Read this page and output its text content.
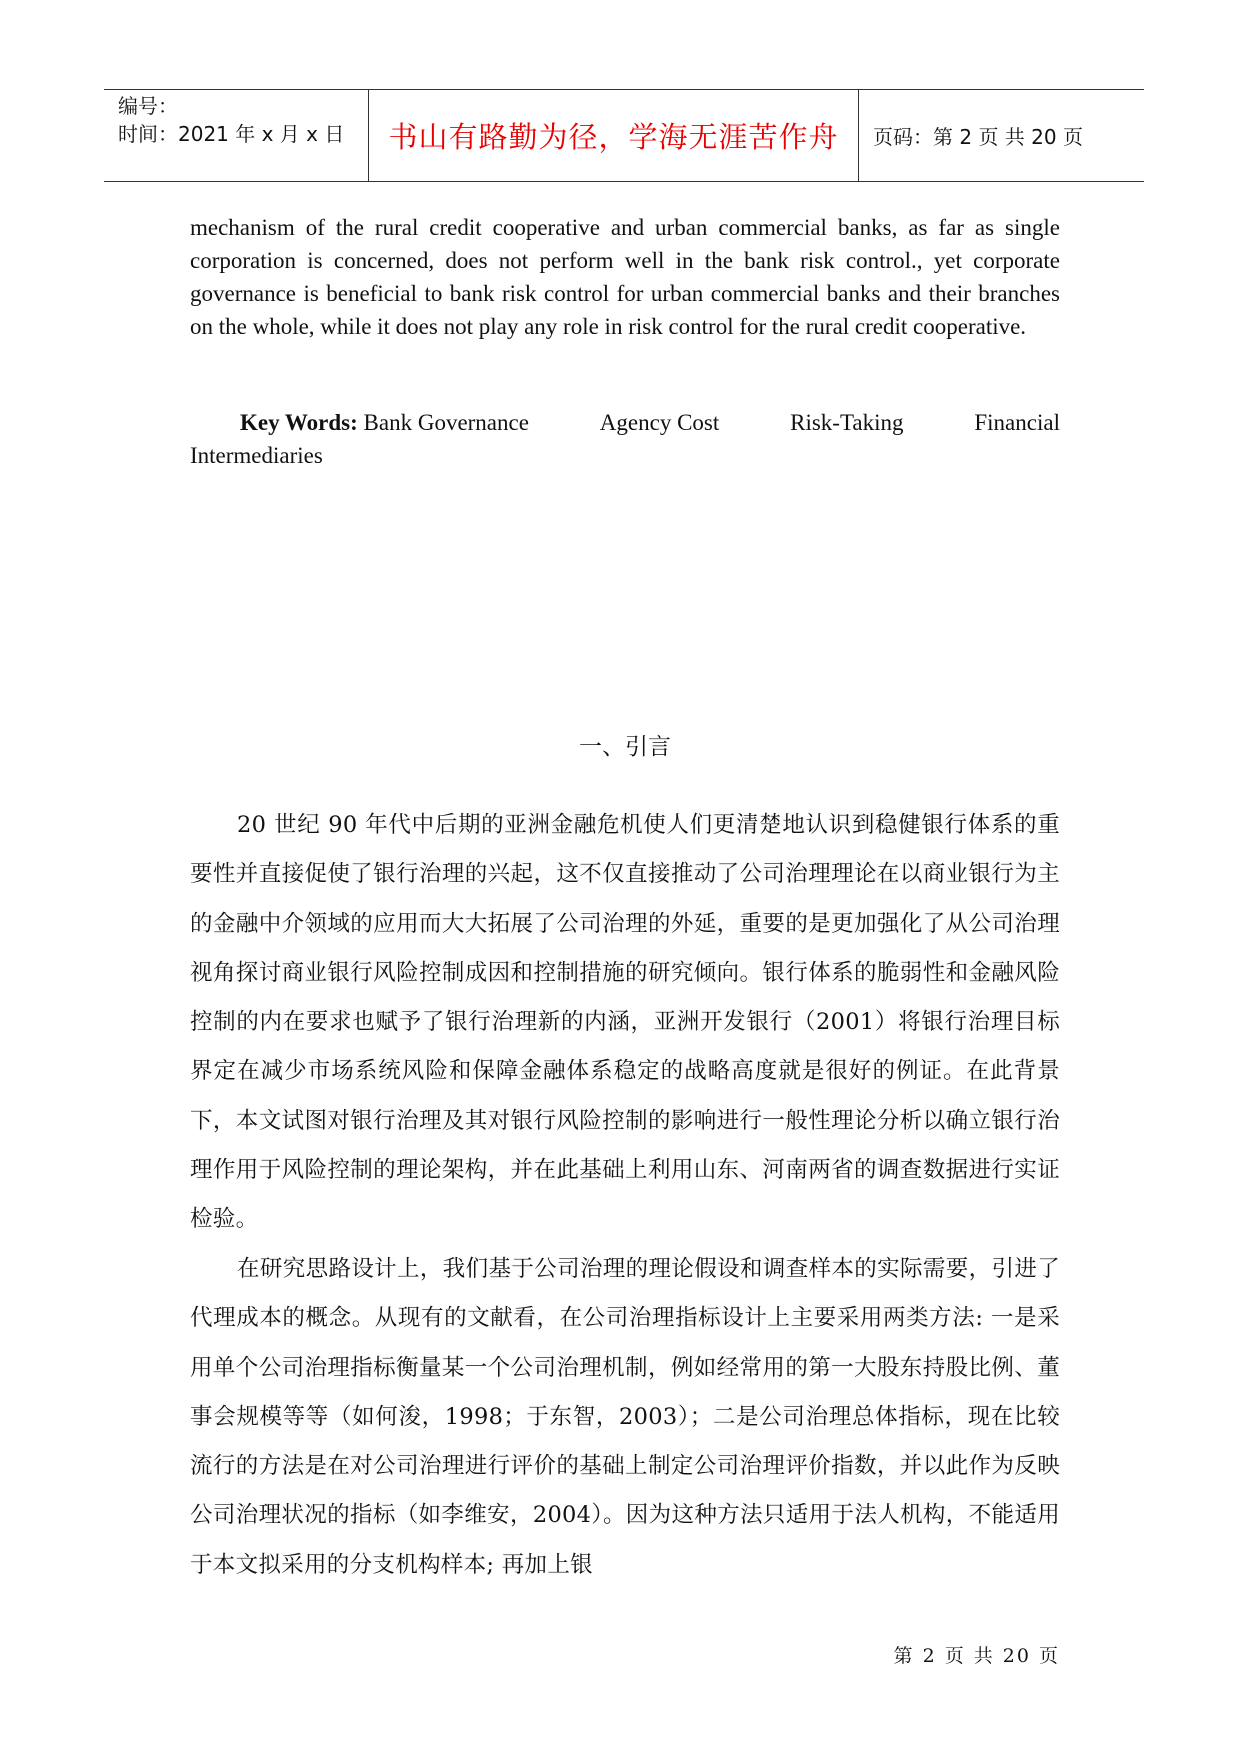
编号：
时间：2021 年 x 月 x 日	书山有路勤为径，学海无涯苦作舟	页码：第 2 页 共 20 页

mechanism of the rural credit cooperative and urban commercial banks, as far as single corporation is concerned, does not perform well in the bank risk control., yet corporate governance is beneficial to bank risk control for urban commercial banks and their branches on the whole, while it does not play any role in risk control for the rural credit cooperative.

Key Words: Bank Governance	Agency Cost	Risk-Taking	Financial
Intermediaries
一、引言

20 世纪 90 年代中后期的亚洲金融危机使人们更清楚地认识到稳健银行体系的重要性并直接促使了银行治理的兴起，这不仅直接推动了公司治理理论在以商业银行为主的金融中介领域的应用而大大拓展了公司治理的外延，重要的是更加强化了从公司治理视角探讨商业银行风险控制成因和控制措施的研究倾向。银行体系的脆弱性和金融风险控制的内在要求也赋予了银行治理新的内涵，亚洲开发银行（2001）将银行治理目标界定在减少市场系统风险和保障金融体系稳定的战略高度就是很好的例证。在此背景下，本文试图对银行治理及其对银行风险控制的影响进行一般性理论分析以确立银行治理作用于风险控制的理论架构，并在此基础上利用山东、河南两省的调查数据进行实证检验。

在研究思路设计上，我们基于公司治理的理论假设和调查样本的实际需要，引进了代理成本的概念。从现有的文献看，在公司治理指标设计上主要采用两类方法: 一是采用单个公司治理指标衡量某一个公司治理机制，例如经常用的第一大股东持股比例、董事会规模等等（如何浚，1998；于东智，2003）；二是公司治理总体指标，现在比较流行的方法是在对公司治理进行评价的基础上制定公司治理评价指数，并以此作为反映公司治理状况的指标（如李维安，2004）。因为这种方法只适用于法人机构，不能适用于本文拟采用的分支机构样本; 再加上银

第 2 页 共 20 页
